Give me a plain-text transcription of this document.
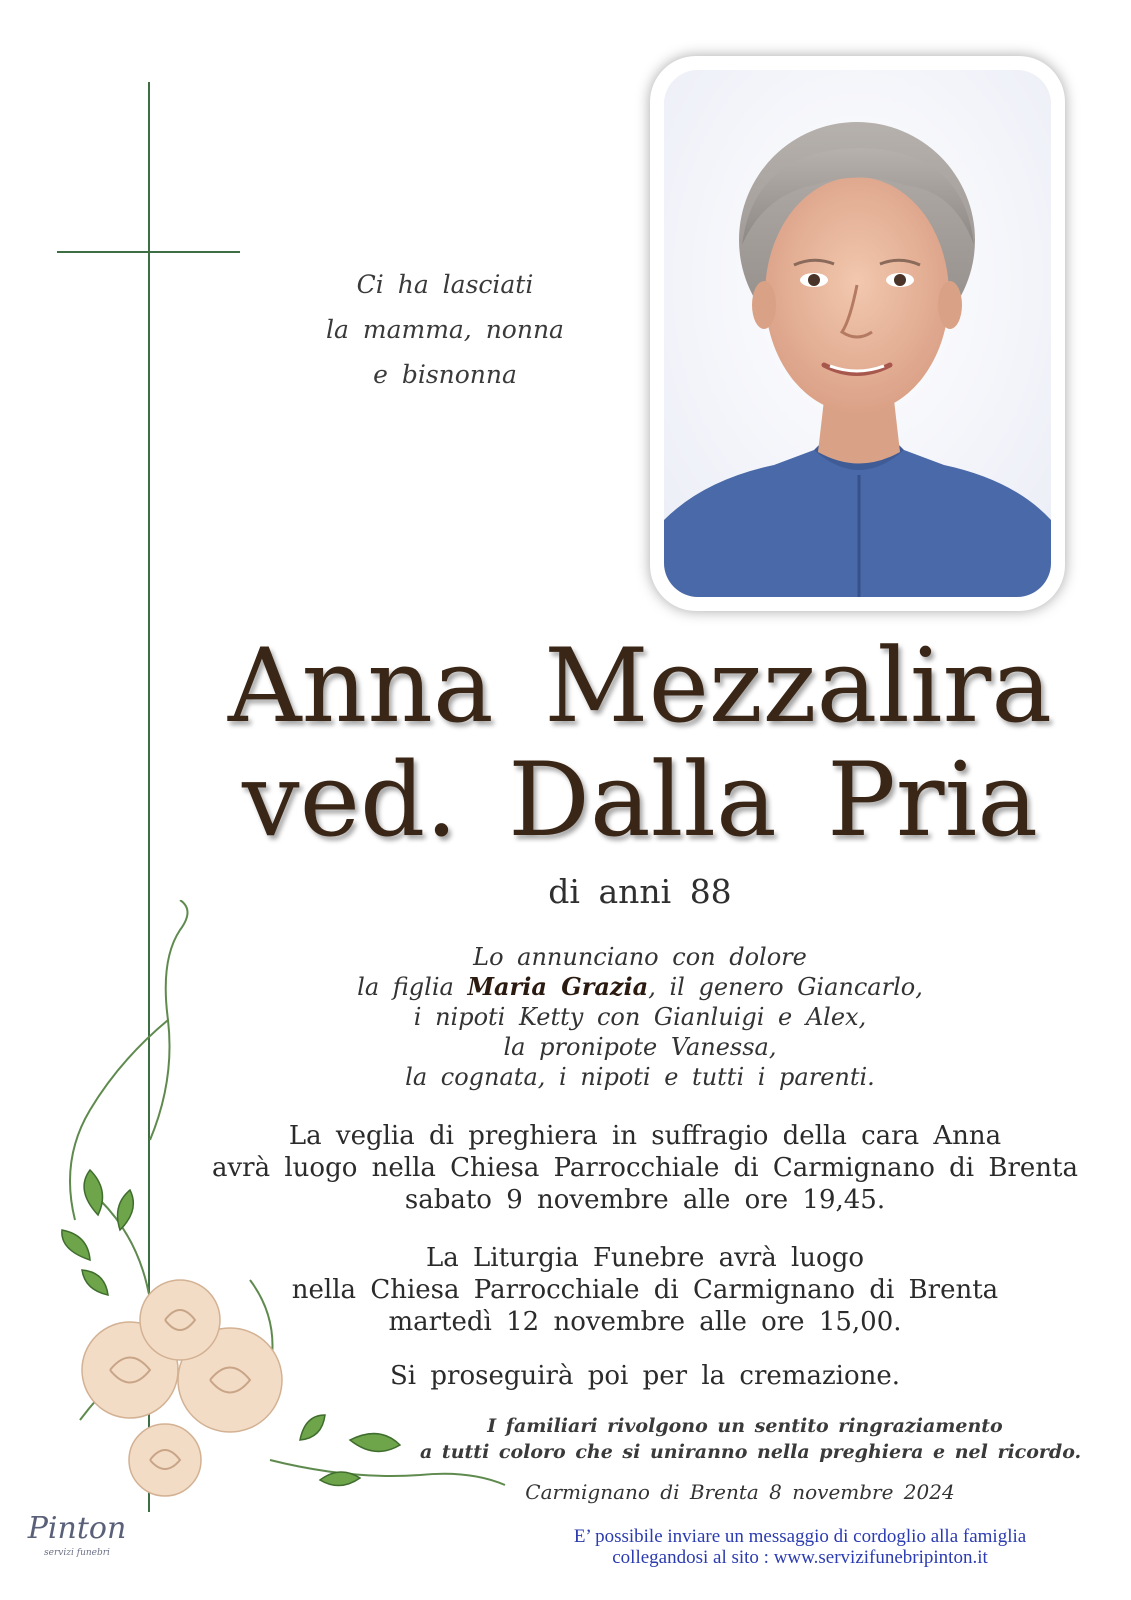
Ci ha lasciati
la mamma, nonna
e bisnonna
Anna Mezzalira
ved. Dalla Pria
di anni 88
Lo annunciano con dolore
la figlia Maria Grazia, il genero Giancarlo,
i nipoti Ketty con Gianluigi e Alex,
la pronipote Vanessa,
la cognata, i nipoti e tutti i parenti.
La veglia di preghiera in suffragio della cara Anna
avrà luogo nella Chiesa Parrocchiale di Carmignano di Brenta
sabato 9 novembre alle ore 19,45.
La Liturgia Funebre avrà luogo
nella Chiesa Parrocchiale di Carmignano di Brenta
martedì 12 novembre alle ore 15,00.
Si proseguirà poi per la cremazione.
I familiari rivolgono un sentito ringraziamento
a tutti coloro che si uniranno nella preghiera e nel ricordo.
Carmignano di Brenta 8 novembre 2024
E’ possibile inviare un messaggio di cordoglio alla famiglia
collegandosi al sito : www.servizifunebripinton.it
Pinton
servizi funebri
